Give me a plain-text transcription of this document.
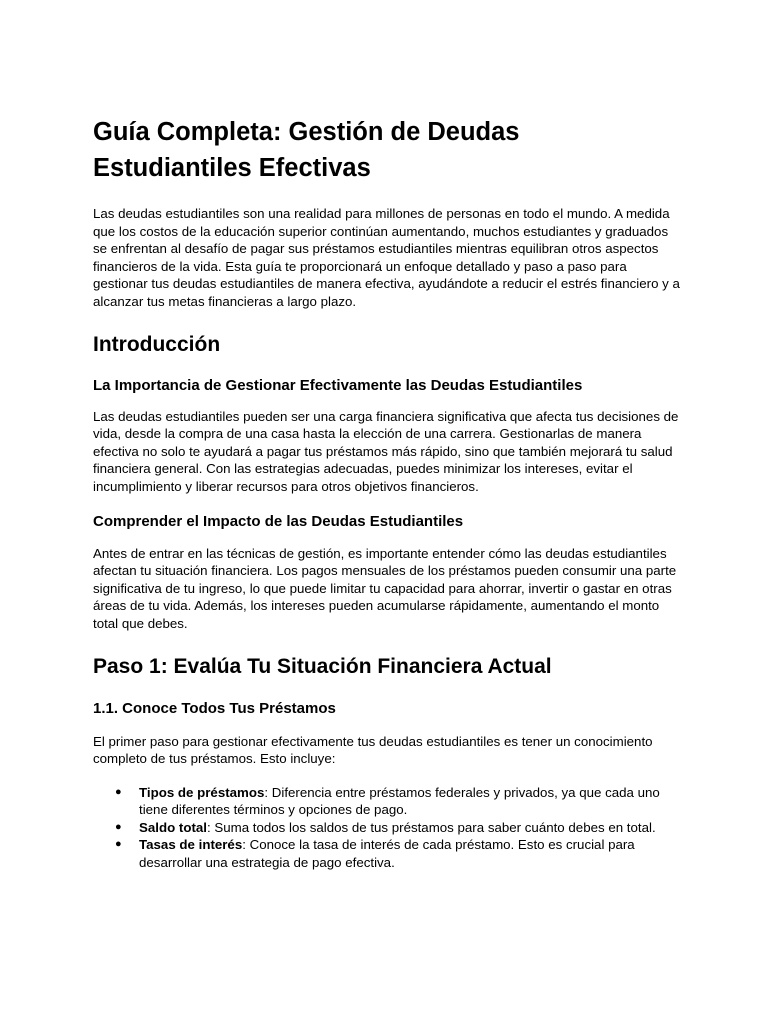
Guía Completa: Gestión de Deudas Estudiantiles Efectivas

Las deudas estudiantiles son una realidad para millones de personas en todo el mundo. A medida que los costos de la educación superior continúan aumentando, muchos estudiantes y graduados se enfrentan al desafío de pagar sus préstamos estudiantiles mientras equilibran otros aspectos financieros de la vida. Esta guía te proporcionará un enfoque detallado y paso a paso para gestionar tus deudas estudiantiles de manera efectiva, ayudándote a reducir el estrés financiero y a alcanzar tus metas financieras a largo plazo.

Introducción
La Importancia de Gestionar Efectivamente las Deudas Estudiantiles

Las deudas estudiantiles pueden ser una carga financiera significativa que afecta tus decisiones de vida, desde la compra de una casa hasta la elección de una carrera. Gestionarlas de manera efectiva no solo te ayudará a pagar tus préstamos más rápido, sino que también mejorará tu salud financiera general. Con las estrategias adecuadas, puedes minimizar los intereses, evitar el incumplimiento y liberar recursos para otros objetivos financieros.

Comprender el Impacto de las Deudas Estudiantiles

Antes de entrar en las técnicas de gestión, es importante entender cómo las deudas estudiantiles afectan tu situación financiera. Los pagos mensuales de los préstamos pueden consumir una parte significativa de tu ingreso, lo que puede limitar tu capacidad para ahorrar, invertir o gastar en otras áreas de tu vida. Además, los intereses pueden acumularse rápidamente, aumentando el monto total que debes.

Paso 1: Evalúa Tu Situación Financiera Actual
1.1. Conoce Todos Tus Préstamos

El primer paso para gestionar efectivamente tus deudas estudiantiles es tener un conocimiento completo de tus préstamos. Esto incluye:

● Tipos de préstamos: Diferencia entre préstamos federales y privados, ya que cada uno tiene diferentes términos y opciones de pago.
● Saldo total: Suma todos los saldos de tus préstamos para saber cuánto debes en total.
● Tasas de interés: Conoce la tasa de interés de cada préstamo. Esto es crucial para desarrollar una estrategia de pago efectiva.
